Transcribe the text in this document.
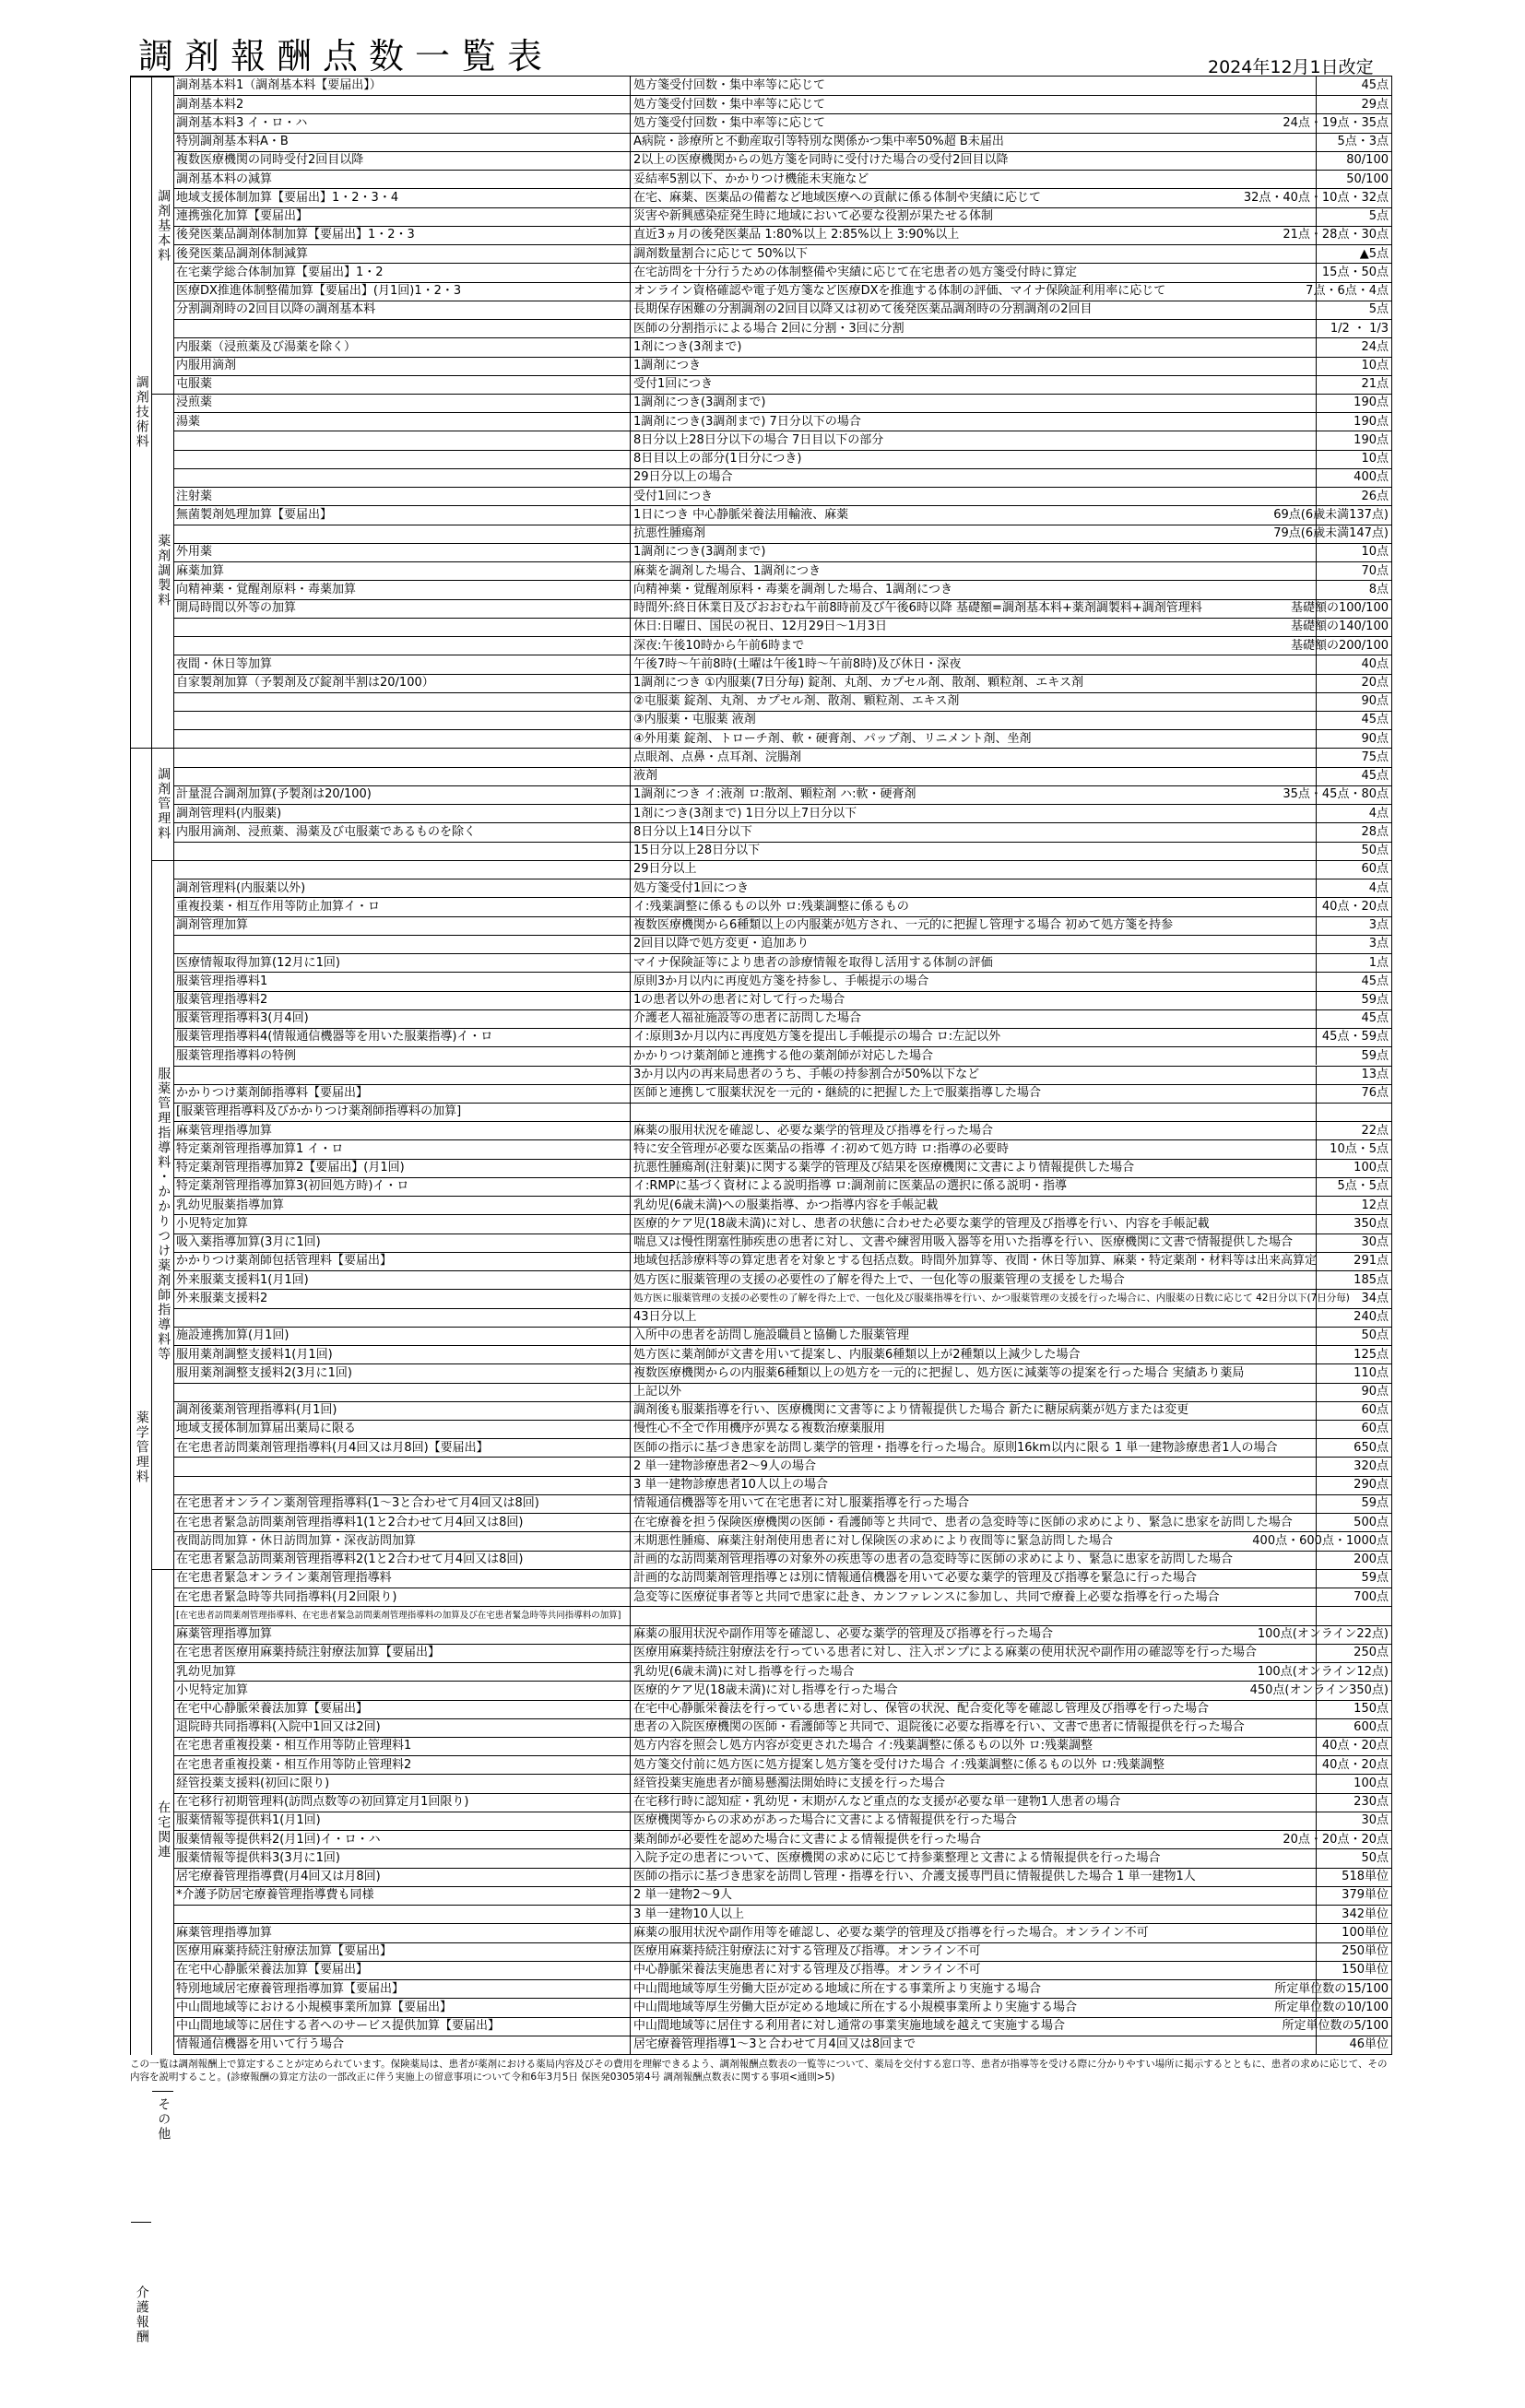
調剤報酬点数一覧表	2024年12月1日改定
調剤基本料1（調剤基本料【要届出】）	処方箋受付回数・集中率等に応じて	45点
調剤基本料2	処方箋受付回数・集中率等に応じて	29点
調剤基本料3 イ・ロ・ハ	処方箋受付回数・集中率等に応じて	24点・19点・35点
特別調剤基本料A・B	A病院・診療所と不動産取引等特別な関係かつ集中率50%超 B未届出	5点・3点
複数医療機関の同時受付2回目以降	2以上の医療機関からの処方箋を同時に受付けた場合の受付2回目以降	80/100
調剤基本料の減算	妥結率5割以下、かかりつけ機能未実施など	50/100
地域支援体制加算【要届出】1・2・3・4	在宅、麻薬、医薬品の備蓄など地域医療への貢献に係る体制や実績に応じて	32点・40点・10点・32点
連携強化加算【要届出】	災害や新興感染症発生時に地域において必要な役割が果たせる体制	5点
後発医薬品調剤体制加算【要届出】1・2・3	直近3ヵ月の後発医薬品 1:80%以上 2:85%以上 3:90%以上	21点・28点・30点
後発医薬品調剤体制減算	調剤数量割合に応じて 50%以下	▲5点
在宅薬学総合体制加算【要届出】1・2	在宅訪問を十分行うための体制整備や実績に応じて在宅患者の処方箋受付時に算定	15点・50点
医療DX推進体制整備加算【要届出】(月1回)1・2・3	オンライン資格確認や電子処方箋など医療DXを推進する体制の評価、マイナ保険証利用率に応じて	7点・6点・4点
分割調剤時の2回目以降の調剤基本料	長期保存困難の分割調剤の2回目以降又は初めて後発医薬品調剤時の分割調剤の2回目	5点
医師の分割指示による場合 2回に分割・3回に分割	1/2 ・ 1/3
内服薬（浸煎薬及び湯薬を除く）	1剤につき(3剤まで)	24点
内服用滴剤	1調剤につき	10点
屯服薬	受付1回につき	21点
浸煎薬	1調剤につき(3調剤まで)	190点
湯薬	1調剤につき(3調剤まで) 7日分以下の場合	190点
8日分以上28日分以下の場合 7日目以下の部分	190点
8日目以上の部分(1日分につき)	10点
29日分以上の場合	400点
注射薬	受付1回につき	26点
無菌製剤処理加算【要届出】	1日につき 中心静脈栄養法用輸液、麻薬	69点(6歳未満137点)
抗悪性腫瘍剤	79点(6歳未満147点)
外用薬	1調剤につき(3調剤まで)	10点
麻薬加算	麻薬を調剤した場合、1調剤につき	70点
向精神薬・覚醒剤原料・毒薬加算	向精神薬・覚醒剤原料・毒薬を調剤した場合、1調剤につき	8点
開局時間以外等の加算	時間外:終日休業日及びおおむね午前8時前及び午後6時以降 基礎額=調剤基本料+薬剤調製料+調剤管理料	基礎額の100/100
休日:日曜日、国民の祝日、12月29日～1月3日	基礎額の140/100
深夜:午後10時から午前6時まで	基礎額の200/100
夜間・休日等加算	午後7時～午前8時(土曜は午後1時～午前8時)及び休日・深夜	40点
自家製剤加算（予製剤及び錠剤半割は20/100）	1調剤につき ①内服薬(7日分毎) 錠剤、丸剤、カプセル剤、散剤、顆粒剤、エキス剤	20点
②屯服薬 錠剤、丸剤、カプセル剤、散剤、顆粒剤、エキス剤	90点
③内服薬・屯服薬 液剤	45点
④外用薬 錠剤、トローチ剤、軟・硬膏剤、パップ剤、リニメント剤、坐剤	90点
点眼剤、点鼻・点耳剤、浣腸剤	75点
液剤	45点
計量混合調剤加算(予製剤は20/100)	1調剤につき イ:液剤 ロ:散剤、顆粒剤 ハ:軟・硬膏剤	35点・45点・80点
調剤管理料(内服薬)	1剤につき(3剤まで) 1日分以上7日分以下	4点
内服用滴剤、浸煎薬、湯薬及び屯服薬であるものを除く	8日分以上14日分以下	28点
15日分以上28日分以下	50点
29日分以上	60点
調剤管理料(内服薬以外)	処方箋受付1回につき	4点
重複投薬・相互作用等防止加算イ・ロ	イ:残薬調整に係るもの以外 ロ:残薬調整に係るもの	40点・20点
調剤管理加算	複数医療機関から6種類以上の内服薬が処方され、一元的に把握し管理する場合 初めて処方箋を持参	3点
2回目以降で処方変更・追加あり	3点
医療情報取得加算(12月に1回)	マイナ保険証等により患者の診療情報を取得し活用する体制の評価	1点
服薬管理指導料1	原則3か月以内に再度処方箋を持参し、手帳提示の場合	45点
服薬管理指導料2	1の患者以外の患者に対して行った場合	59点
服薬管理指導料3(月4回)	介護老人福祉施設等の患者に訪問した場合	45点
服薬管理指導料4(情報通信機器等を用いた服薬指導)イ・ロ	イ:原則3か月以内に再度処方箋を提出し手帳提示の場合 ロ:左記以外	45点・59点
服薬管理指導料の特例	かかりつけ薬剤師と連携する他の薬剤師が対応した場合	59点
3か月以内の再来局患者のうち、手帳の持参割合が50%以下など	13点
かかりつけ薬剤師指導料【要届出】	医師と連携して服薬状況を一元的・継続的に把握した上で服薬指導した場合	76点
[服薬管理指導料及びかかりつけ薬剤師指導料の加算]
麻薬管理指導加算	麻薬の服用状況を確認し、必要な薬学的管理及び指導を行った場合	22点
特定薬剤管理指導加算1 イ・ロ	特に安全管理が必要な医薬品の指導 イ:初めて処方時 ロ:指導の必要時	10点・5点
特定薬剤管理指導加算2【要届出】(月1回)	抗悪性腫瘍剤(注射薬)に関する薬学的管理及び結果を医療機関に文書により情報提供した場合	100点
特定薬剤管理指導加算3(初回処方時)イ・ロ	イ:RMPに基づく資材による説明指導 ロ:調剤前に医薬品の選択に係る説明・指導	5点・5点
乳幼児服薬指導加算	乳幼児(6歳未満)への服薬指導、かつ指導内容を手帳記載	12点
小児特定加算	医療的ケア児(18歳未満)に対し、患者の状態に合わせた必要な薬学的管理及び指導を行い、内容を手帳記載	350点
吸入薬指導加算(3月に1回)	喘息又は慢性閉塞性肺疾患の患者に対し、文書や練習用吸入器等を用いた指導を行い、医療機関に文書で情報提供した場合	30点
かかりつけ薬剤師包括管理料【要届出】	地域包括診療料等の算定患者を対象とする包括点数。時間外加算等、夜間・休日等加算、麻薬・特定薬剤・材料等は出来高算定	291点
外来服薬支援料1(月1回)	処方医に服薬管理の支援の必要性の了解を得た上で、一包化等の服薬管理の支援をした場合	185点
外来服薬支援料2	処方医に服薬管理の支援の必要性の了解を得た上で、一包化及び服薬指導を行い、かつ服薬管理の支援を行った場合に、内服薬の日数に応じて 42日分以下(7日分毎) 34点
43日分以上	240点
施設連携加算(月1回)	入所中の患者を訪問し施設職員と協働した服薬管理	50点
服用薬剤調整支援料1(月1回)	処方医に薬剤師が文書を用いて提案し、内服薬6種類以上が2種類以上減少した場合	125点
服用薬剤調整支援料2(3月に1回)	複数医療機関からの内服薬6種類以上の処方を一元的に把握し、処方医に減薬等の提案を行った場合 実績あり薬局	110点
上記以外	90点
調剤後薬剤管理指導料(月1回)	調剤後も服薬指導を行い、医療機関に文書等により情報提供した場合 新たに糖尿病薬が処方または変更	60点
地域支援体制加算届出薬局に限る	慢性心不全で作用機序が異なる複数治療薬服用	60点
在宅患者訪問薬剤管理指導料(月4回又は月8回)【要届出】	医師の指示に基づき患家を訪問し薬学的管理・指導を行った場合。原則16km以内に限る 1 単一建物診療患者1人の場合	650点
2 単一建物診療患者2～9人の場合	320点
3 単一建物診療患者10人以上の場合	290点
在宅患者オンライン薬剤管理指導料(1～3と合わせて月4回又は8回)	情報通信機器等を用いて在宅患者に対し服薬指導を行った場合	59点
在宅患者緊急訪問薬剤管理指導料1(1と2合わせて月4回又は8回)	在宅療養を担う保険医療機関の医師・看護師等と共同で、患者の急変時等に医師の求めにより、緊急に患家を訪問した場合	500点
夜間訪問加算・休日訪問加算・深夜訪問加算	末期悪性腫瘍、麻薬注射剤使用患者に対し保険医の求めにより夜間等に緊急訪問した場合	400点・600点・1000点
在宅患者緊急訪問薬剤管理指導料2(1と2合わせて月4回又は8回)	計画的な訪問薬剤管理指導の対象外の疾患等の患者の急変時等に医師の求めにより、緊急に患家を訪問した場合	200点
在宅患者緊急オンライン薬剤管理指導料	計画的な訪問薬剤管理指導とは別に情報通信機器を用いて必要な薬学的管理及び指導を緊急に行った場合	59点
在宅患者緊急時等共同指導料(月2回限り)	急変等に医療従事者等と共同で患家に赴き、カンファレンスに参加し、共同で療養上必要な指導を行った場合	700点
[在宅患者訪問薬剤管理指導料、在宅患者緊急訪問薬剤管理指導料の加算及び在宅患者緊急時等共同指導料の加算]
麻薬管理指導加算	麻薬の服用状況や副作用等を確認し、必要な薬学的管理及び指導を行った場合	100点(オンライン22点)
在宅患者医療用麻薬持続注射療法加算【要届出】	医療用麻薬持続注射療法を行っている患者に対し、注入ポンプによる麻薬の使用状況や副作用の確認等を行った場合	250点
乳幼児加算	乳幼児(6歳未満)に対し指導を行った場合	100点(オンライン12点)
小児特定加算	医療的ケア児(18歳未満)に対し指導を行った場合	450点(オンライン350点)
在宅中心静脈栄養法加算【要届出】	在宅中心静脈栄養法を行っている患者に対し、保管の状況、配合変化等を確認し管理及び指導を行った場合	150点
退院時共同指導料(入院中1回又は2回)	患者の入院医療機関の医師・看護師等と共同で、退院後に必要な指導を行い、文書で患者に情報提供を行った場合	600点
在宅患者重複投薬・相互作用等防止管理料1	処方内容を照会し処方内容が変更された場合 イ:残薬調整に係るもの以外 ロ:残薬調整	40点・20点
在宅患者重複投薬・相互作用等防止管理料2	処方箋交付前に処方医に処方提案し処方箋を受付けた場合 イ:残薬調整に係るもの以外 ロ:残薬調整	40点・20点
経管投薬支援料(初回に限り)	経管投薬実施患者が簡易懸濁法開始時に支援を行った場合	100点
在宅移行初期管理料(訪問点数等の初回算定月1回限り)	在宅移行時に認知症・乳幼児・末期がんなど重点的な支援が必要な単一建物1人患者の場合	230点
服薬情報等提供料1(月1回)	医療機関等からの求めがあった場合に文書による情報提供を行った場合	30点
服薬情報等提供料2(月1回)イ・ロ・ハ	薬剤師が必要性を認めた場合に文書による情報提供を行った場合	20点・20点・20点
服薬情報等提供料3(3月に1回)	入院予定の患者について、医療機関の求めに応じて持参薬整理と文書による情報提供を行った場合	50点
居宅療養管理指導費(月4回又は月8回)	医師の指示に基づき患家を訪問し管理・指導を行い、介護支援専門員に情報提供した場合 1 単一建物1人	518単位
*介護予防居宅療養管理指導費も同様	2 単一建物2～9人	379単位
3 単一建物10人以上	342単位
麻薬管理指導加算	麻薬の服用状況や副作用等を確認し、必要な薬学的管理及び指導を行った場合。オンライン不可	100単位
医療用麻薬持続注射療法加算【要届出】	医療用麻薬持続注射療法に対する管理及び指導。オンライン不可	250単位
在宅中心静脈栄養法加算【要届出】	中心静脈栄養法実施患者に対する管理及び指導。オンライン不可	150単位
特別地域居宅療養管理指導加算【要届出】	中山間地域等厚生労働大臣が定める地域に所在する事業所より実施する場合	所定単位数の15/100
中山間地域等における小規模事業所加算【要届出】	中山間地域等厚生労働大臣が定める地域に所在する小規模事業所より実施する場合	所定単位数の10/100
中山間地域等に居住する者へのサービス提供加算【要届出】	中山間地域等に居住する利用者に対し通常の事業実施地域を越えて実施する場合	所定単位数の5/100
情報通信機器を用いて行う場合	居宅療養管理指導1～3と合わせて月4回又は8回まで	46単位
調剤技術料
薬学管理料
介護報酬
調剤基本料
薬剤調製料
調剤管理料
服薬管理指導料・かかりつけ薬剤師指導料等
在宅関連
その他
この一覧は調剤報酬上で算定することが定められています。保険薬局は、患者が薬剤における薬局内容及びその費用を理解できるよう、調剤報酬点数表の一覧等について、薬局を交付する窓口等、患者が指導等を受ける際に分かりやすい場所に掲示するとともに、患者の求めに応じて、その内容を説明すること。(診療報酬の算定方法の一部改正に伴う実施上の留意事項について令和6年3月5日 保医発0305第4号 調剤報酬点数表に関する事項<通則>5)
